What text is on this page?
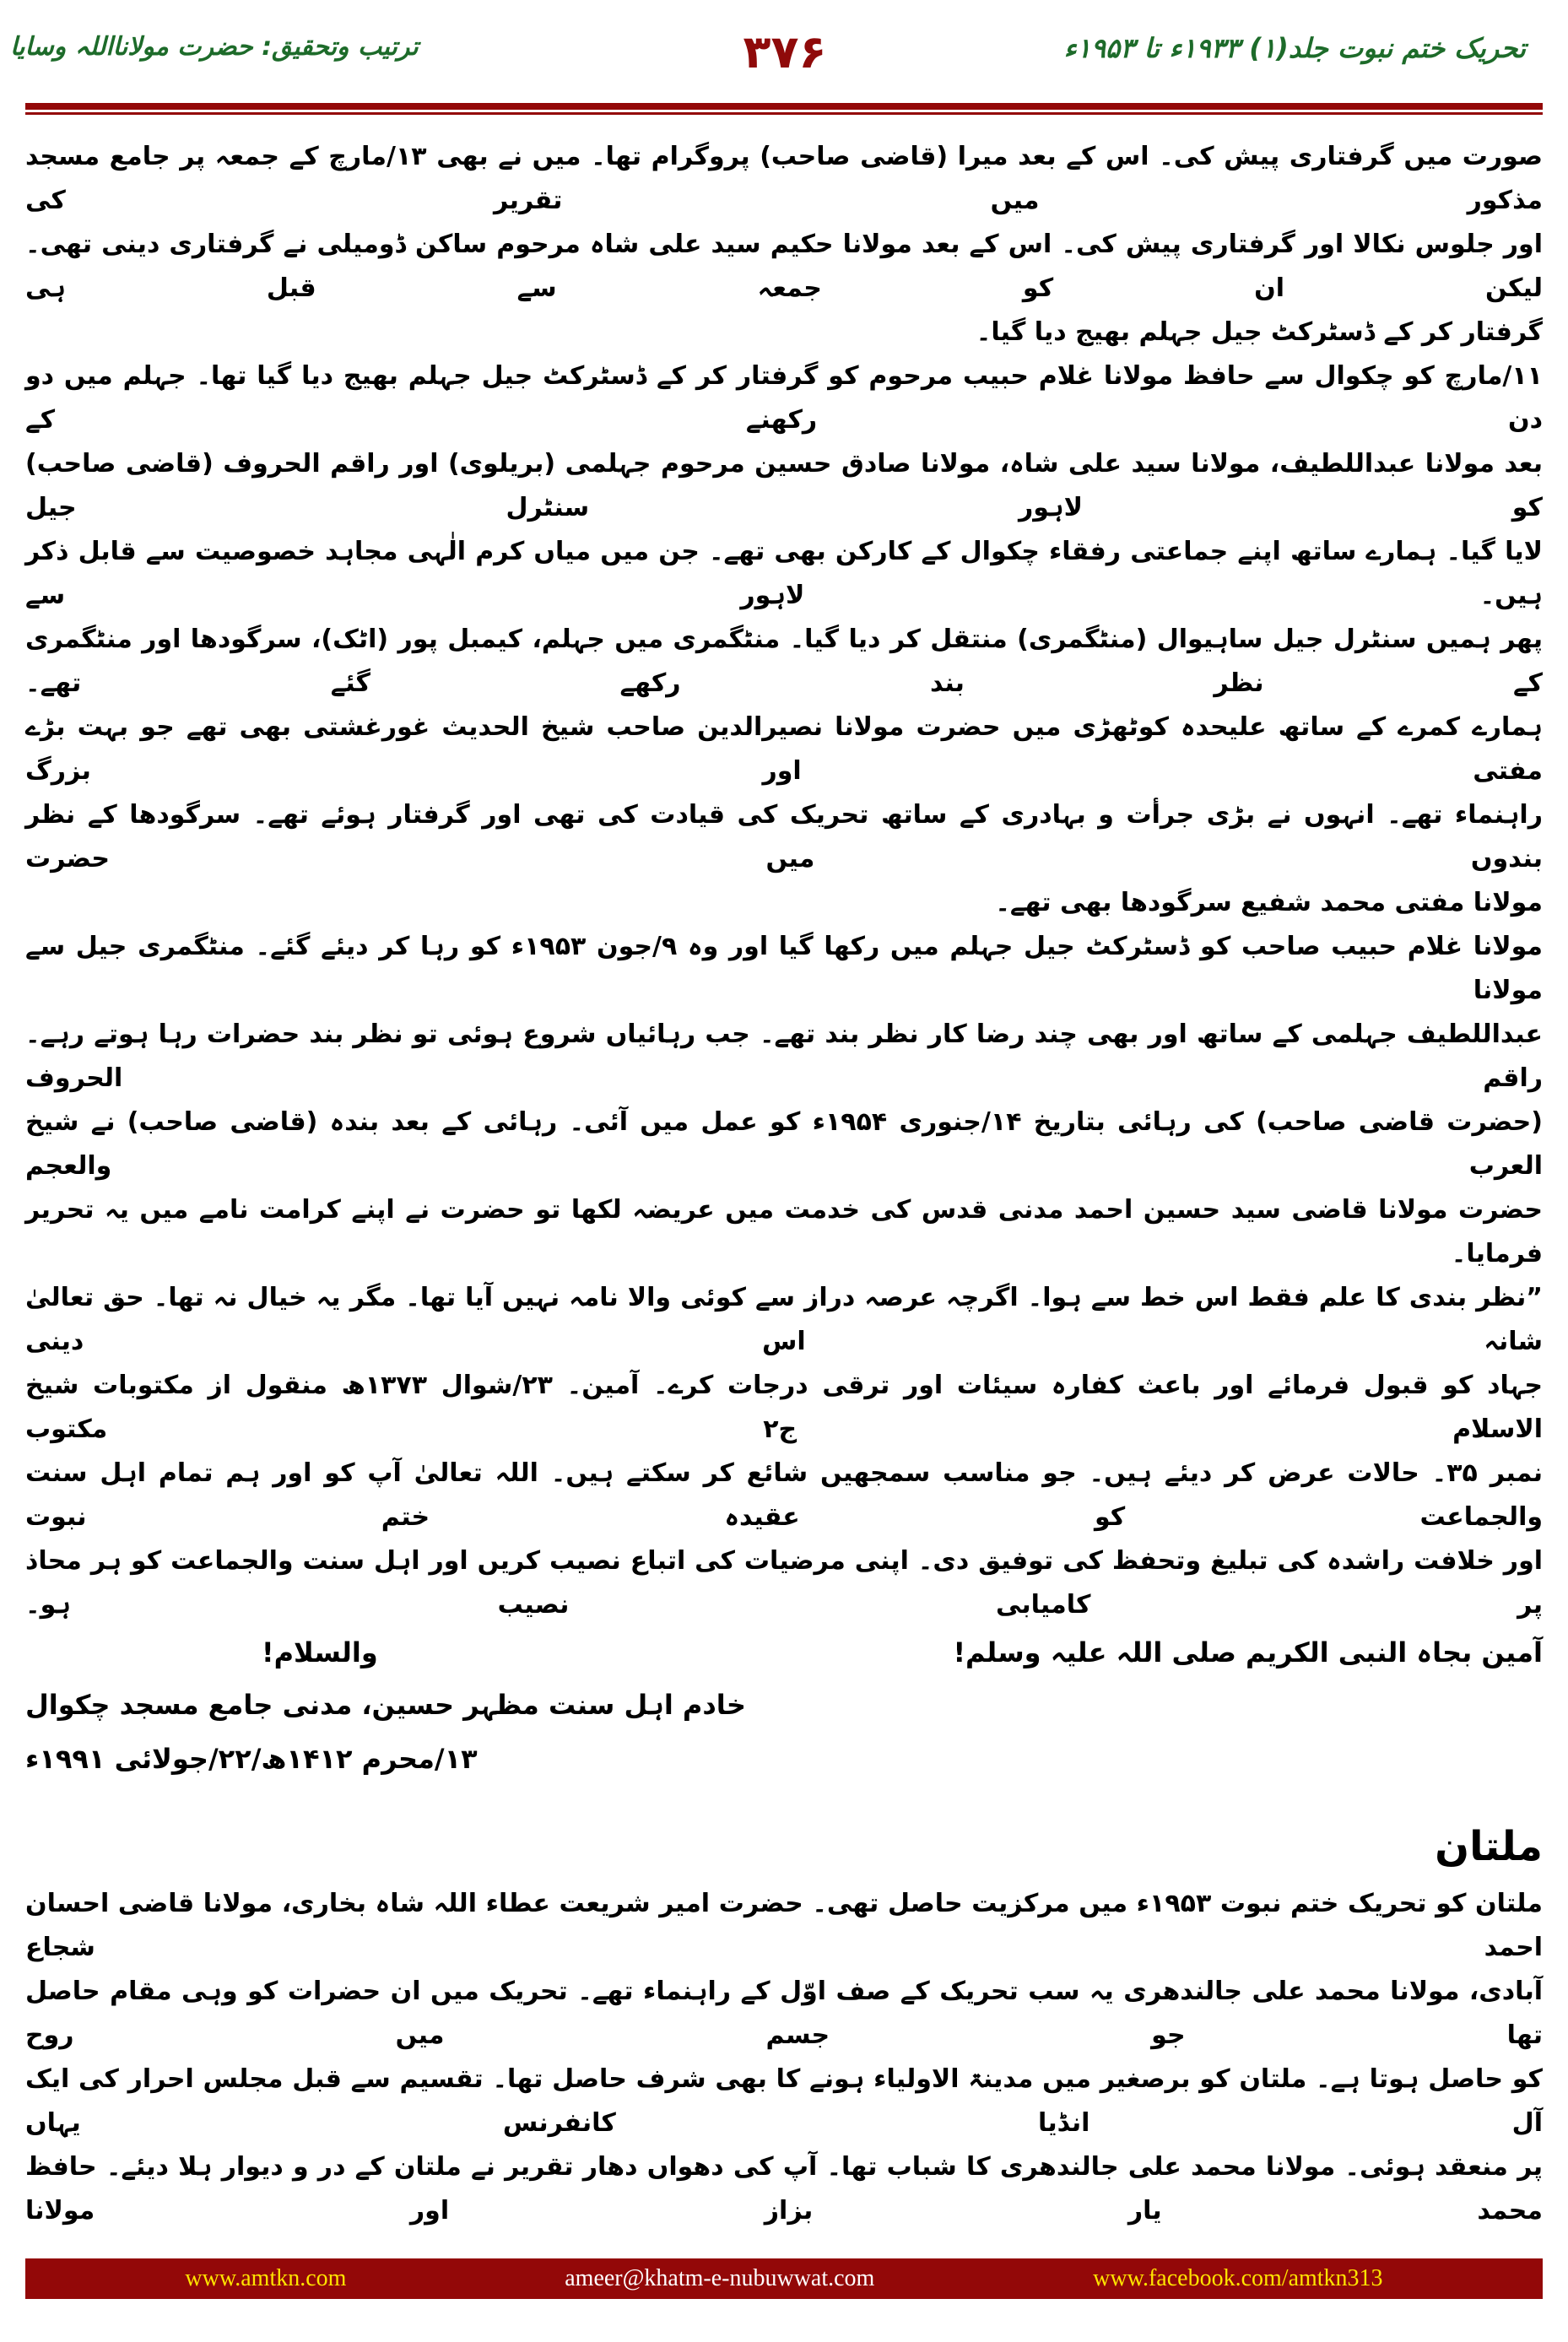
تحریک ختم نبوت جلد(۱) ۱۹۳۳ء تا ۱۹۵۳ء
۳۷۶
ترتیب وتحقیق: حضرت مولانااللہ وسایا
صورت میں گرفتاری پیش کی۔ اس کے بعد میرا (قاضی صاحب) پروگرام تھا۔ میں نے بھی ۱۳/مارچ کے جمعہ پر جامع مسجد مذکور میں تقریر کی
اور جلوس نکالا اور گرفتاری پیش کی۔ اس کے بعد مولانا حکیم سید علی شاہ مرحوم ساکن ڈومیلی نے گرفتاری دینی تھی۔ لیکن ان کو جمعہ سے قبل ہی
گرفتار کر کے ڈسٹرکٹ جیل جہلم بھیج دیا گیا۔
۱۱/مارچ کو چکوال سے حافظ مولانا غلام حبیب مرحوم کو گرفتار کر کے ڈسٹرکٹ جیل جہلم بھیج دیا گیا تھا۔ جہلم میں دو دن رکھنے کے
بعد مولانا عبداللطیف، مولانا سید علی شاہ، مولانا صادق حسین مرحوم جہلمی (بریلوی) اور راقم الحروف (قاضی صاحب) کو لاہور سنٹرل جیل
لایا گیا۔ ہمارے ساتھ اپنے جماعتی رفقاء چکوال کے کارکن بھی تھے۔ جن میں میاں کرم الٰہی مجاہد خصوصیت سے قابل ذکر ہیں۔ لاہور سے
پھر ہمیں سنٹرل جیل ساہیوال (منٹگمری) منتقل کر دیا گیا۔ منٹگمری میں جہلم، کیمبل پور (اٹک)، سرگودھا اور منٹگمری کے نظر بند رکھے گئے تھے۔
ہمارے کمرے کے ساتھ علیحدہ کوٹھڑی میں حضرت مولانا نصیرالدین صاحب شیخ الحدیث غورغشتی بھی تھے جو بہت بڑے مفتی اور بزرگ
راہنماء تھے۔ انہوں نے بڑی جرأت و بہادری کے ساتھ تحریک کی قیادت کی تھی اور گرفتار ہوئے تھے۔ سرگودھا کے نظر بندوں میں حضرت
مولانا مفتی محمد شفیع سرگودھا بھی تھے۔
مولانا غلام حبیب صاحب کو ڈسٹرکٹ جیل جہلم میں رکھا گیا اور وہ ۹/جون ۱۹۵۳ء کو رہا کر دیئے گئے۔ منٹگمری جیل سے مولانا
عبداللطیف جہلمی کے ساتھ اور بھی چند رضا کار نظر بند تھے۔ جب رہائیاں شروع ہوئی تو نظر بند حضرات رہا ہوتے رہے۔ راقم الحروف
(حضرت قاضی صاحب) کی رہائی بتاریخ ۱۴/جنوری ۱۹۵۴ء کو عمل میں آئی۔ رہائی کے بعد بندہ (قاضی صاحب) نے شیخ العرب والعجم
حضرت مولانا قاضی سید حسین احمد مدنی قدس کی خدمت میں عریضہ لکھا تو حضرت نے اپنے کرامت نامے میں یہ تحریر فرمایا۔
”نظر بندی کا علم فقط اس خط سے ہوا۔ اگرچہ عرصہ دراز سے کوئی والا نامہ نہیں آیا تھا۔ مگر یہ خیال نہ تھا۔ حق تعالیٰ شانہ اس دینی
جہاد کو قبول فرمائے اور باعث کفارہ سیئات اور ترقی درجات کرے۔ آمین۔ ۲۳/شوال ۱۳۷۳ھ منقول از مکتوبات شیخ الاسلام ج۲ مکتوب
نمبر ۳۵۔ حالات عرض کر دیئے ہیں۔ جو مناسب سمجھیں شائع کر سکتے ہیں۔ اللہ تعالیٰ آپ کو اور ہم تمام اہل سنت والجماعت کو عقیدہ ختم نبوت
اور خلافت راشدہ کی تبلیغ وتحفظ کی توفیق دی۔ اپنی مرضیات کی اتباع نصیب کریں اور اہل سنت والجماعت کو ہر محاذ پر کامیابی نصیب ہو۔
آمین بجاہ النبی الکریم صلی اللہ علیہ وسلم!
والسلام!
خادم اہل سنت مظہر حسین، مدنی جامع مسجد چکوال
۱۳/محرم ۱۴۱۲ھ/۲۲/جولائی ۱۹۹۱ء
ملتان
ملتان کو تحریک ختم نبوت ۱۹۵۳ء میں مرکزیت حاصل تھی۔ حضرت امیر شریعت عطاء اللہ شاہ بخاری، مولانا قاضی احسان احمد شجاع
آبادی، مولانا محمد علی جالندھری یہ سب تحریک کے صف اوّل کے راہنماء تھے۔ تحریک میں ان حضرات کو وہی مقام حاصل تھا جو جسم میں روح
کو حاصل ہوتا ہے۔ ملتان کو برصغیر میں مدینۃ الاولیاء ہونے کا بھی شرف حاصل تھا۔ تقسیم سے قبل مجلس احرار کی ایک آل انڈیا کانفرنس یہاں
پر منعقد ہوئی۔ مولانا محمد علی جالندھری کا شباب تھا۔ آپ کی دھواں دھار تقریر نے ملتان کے در و دیوار ہلا دیئے۔ حافظ محمد یار بزاز اور مولانا
www.amtkn.com	ameer@khatm-e-nubuwwat.com	www.facebook.com/amtkn313
